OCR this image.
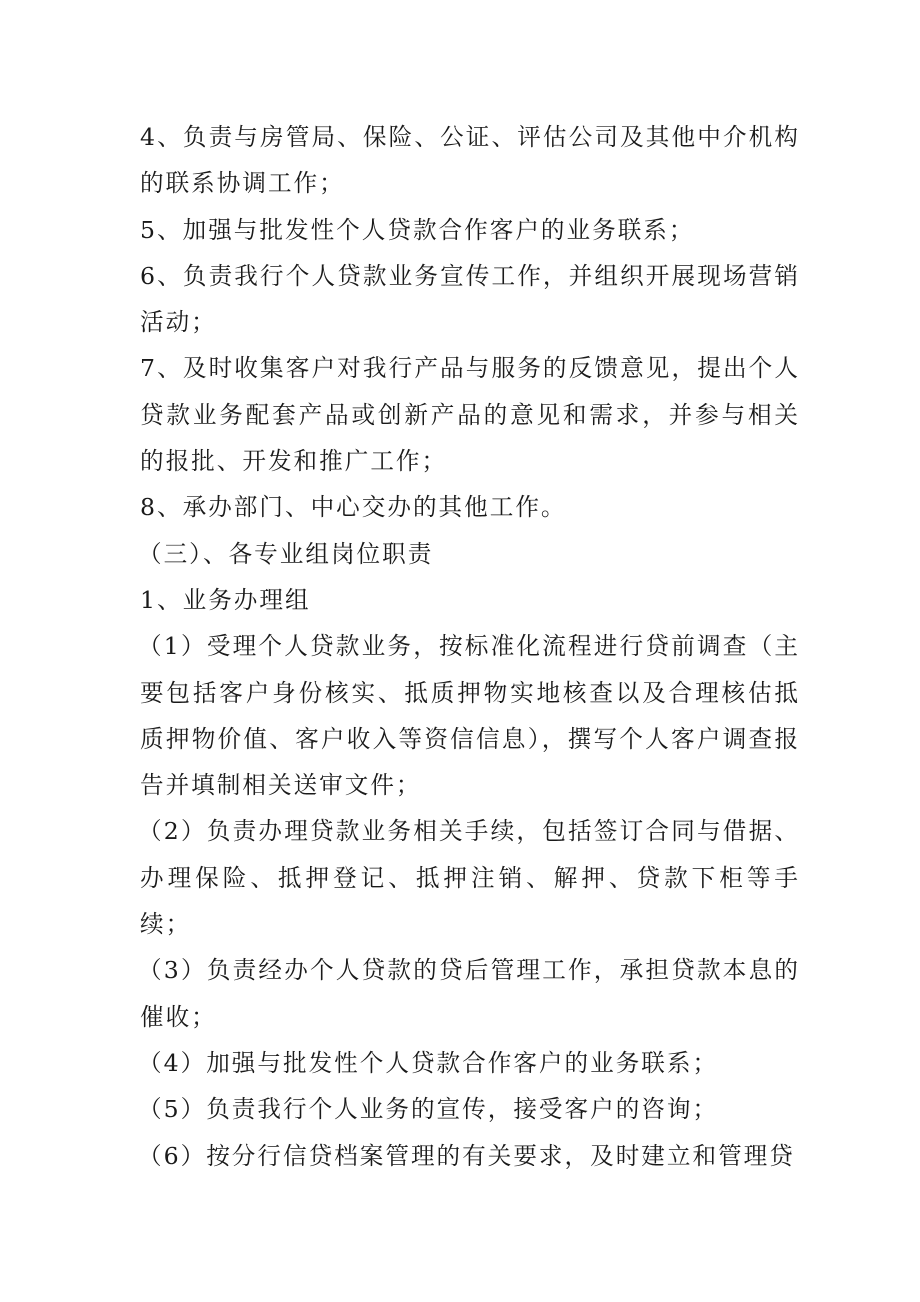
4、负责与房管局、保险、公证、评估公司及其他中介机构的联系协调工作；

5、加强与批发性个人贷款合作客户的业务联系；

6、负责我行个人贷款业务宣传工作，并组织开展现场营销活动；

7、及时收集客户对我行产品与服务的反馈意见，提出个人贷款业务配套产品或创新产品的意见和需求，并参与相关的报批、开发和推广工作；

8、承办部门、中心交办的其他工作。

（三）、各专业组岗位职责

1、业务办理组

（1）受理个人贷款业务，按标准化流程进行贷前调查（主要包括客户身份核实、抵质押物实地核查以及合理核估抵质押物价值、客户收入等资信信息），撰写个人客户调查报告并填制相关送审文件；

（2）负责办理贷款业务相关手续，包括签订合同与借据、办理保险、抵押登记、抵押注销、解押、贷款下柜等手续；

（3）负责经办个人贷款的贷后管理工作，承担贷款本息的催收；

（4）加强与批发性个人贷款合作客户的业务联系；

（5）负责我行个人业务的宣传，接受客户的咨询；

（6）按分行信贷档案管理的有关要求，及时建立和管理贷
